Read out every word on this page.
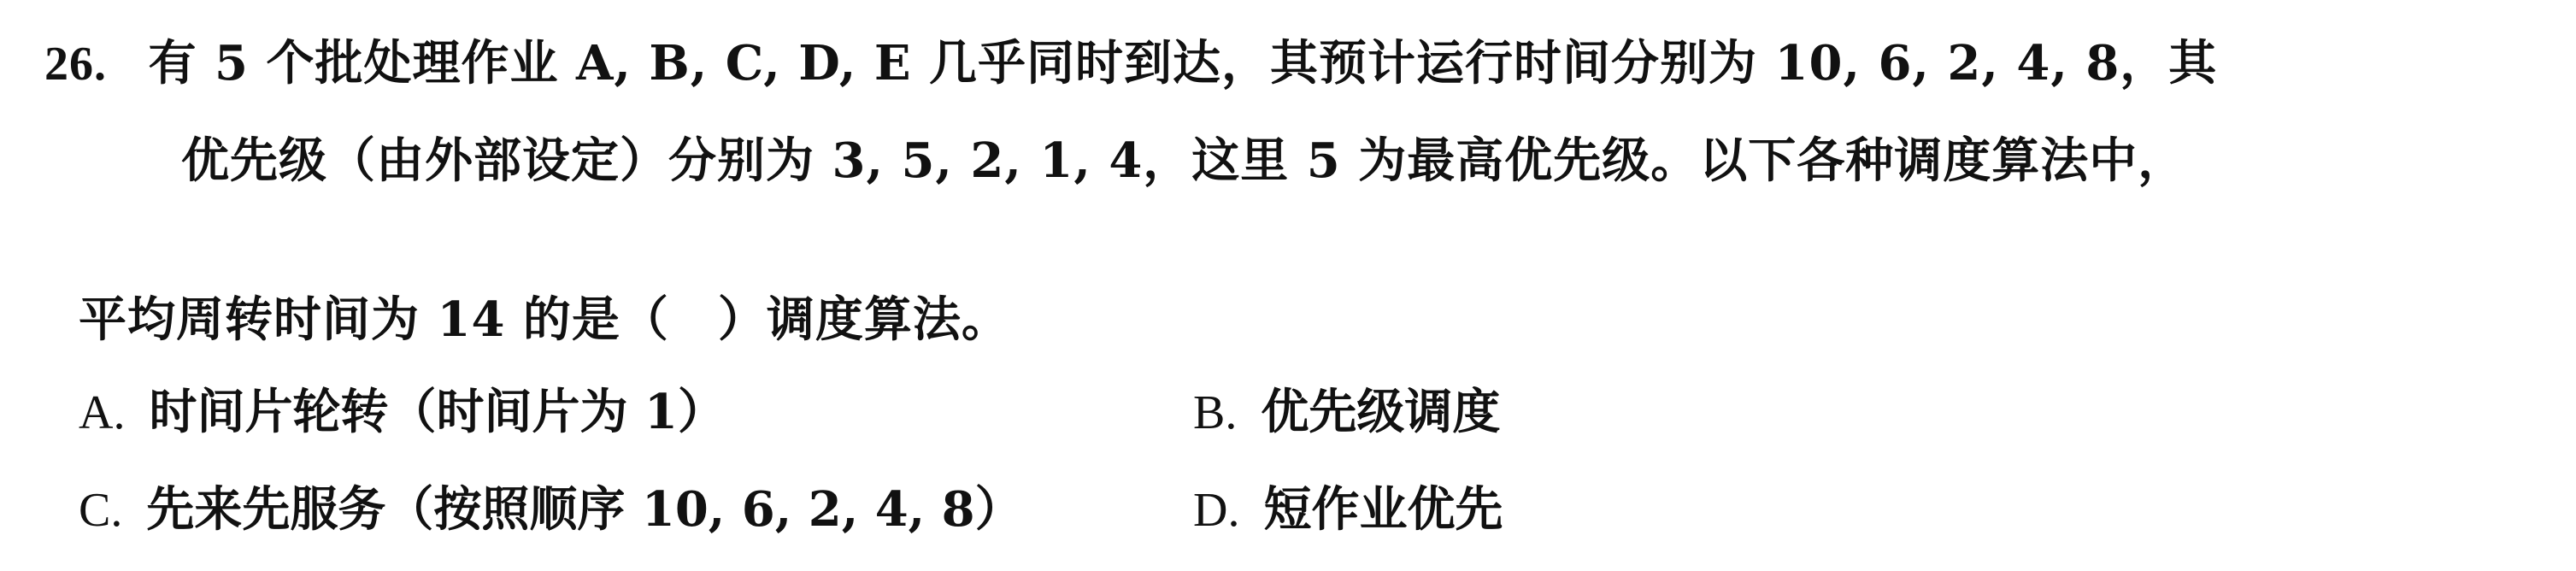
26. 有 5 个批处理作业 A, B, C, D, E 几乎同时到达，其预计运行时间分别为 10, 6, 2, 4, 8，其
优先级（由外部设定）分别为 3, 5, 2, 1, 4，这里 5 为最高优先级。以下各种调度算法中，
平均周转时间为 14 的是（　）调度算法。
A. 时间片轮转（时间片为 1）	B. 优先级调度
C. 先来先服务（按照顺序 10, 6, 2, 4, 8）	D. 短作业优先
